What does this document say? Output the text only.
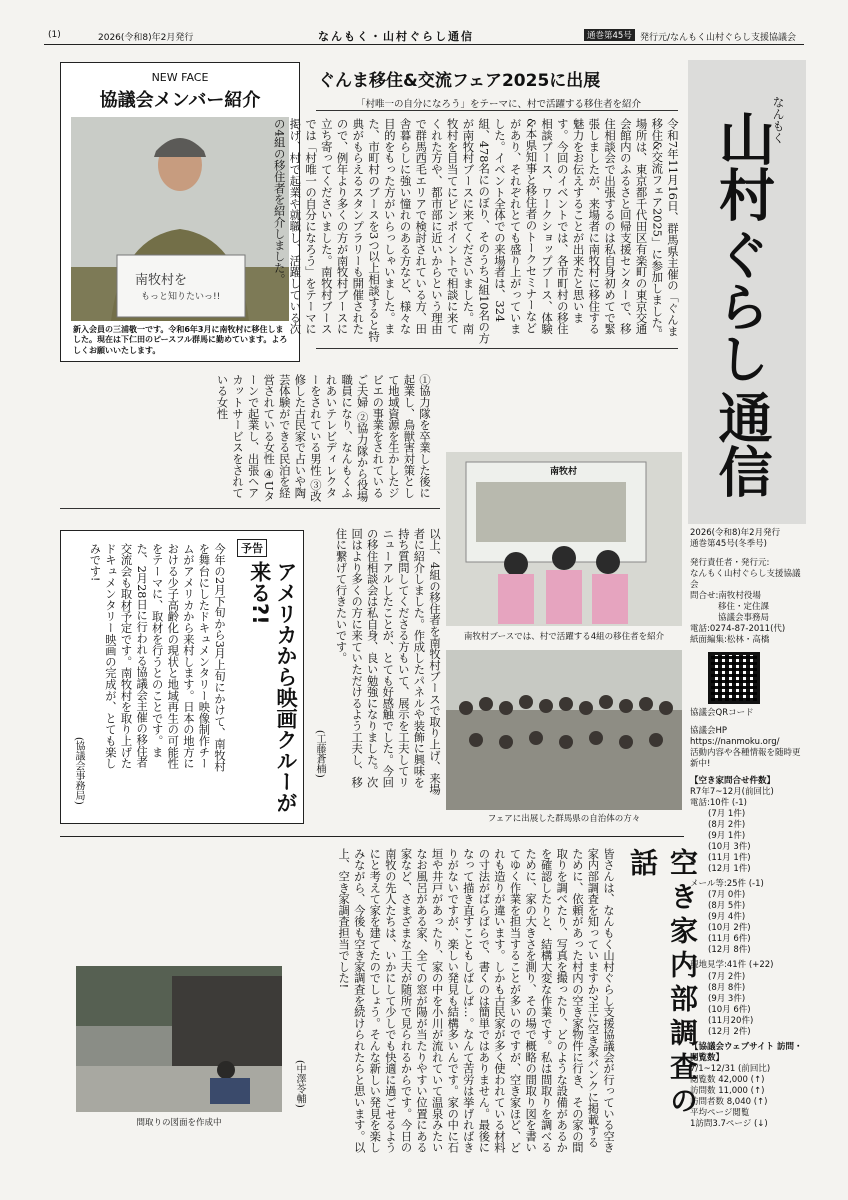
(1)	2026(令和8)年2月発行	なんもく・山村ぐらし通信	通巻第45号 発行元/なんもく山村ぐらし支援協議会
NEW FACE
協議会メンバー紹介
南牧村を
もっと知りたいっ!!
新入会員の三浦敬一です。令和6年3月に南牧村に移住しました。現在は下仁田のピースフル群馬に勤めています。よろしくお願いいたします。
ぐんま移住&交流フェア2025に出展
「村唯一の自分になろう」をテーマに、村で活躍する移住者を紹介
令和7年11月16日、群馬県主催の「ぐんま移住&交流フェア2025」に参加しました。場所は、東京都千代田区有楽町の東京交通会館内のふるさと回帰支援センターで、移住相談会で出張するのは私自身初めてで緊張しましたが、来場者に南牧村に移住する魅力をお伝えすることが出来たと思います。今回のイベントでは、各市町村の移住相談ブース、ワークショップブース、体験&本県知事と移住者のトークセミナーなどがあり、それぞれとても盛り上がっていました。イベント全体での来場者は、324組、478名にのぼり、そのうち7組10名の方が南牧村ブースに来てくださいました。南牧村を目当てにピンポイントで相談に来てくれた方や、都市部に近いからという理由で群馬西毛エリアで検討されている方、田舎暮らしに強い憧れのある方など、様々な目的をもった方がいらっしゃいました。また、市町村のブースを3つ以上相談すると特典がもらえるスタンプラリーも開催されたので、例年より多くの方が南牧村ブースに立ち寄ってくださいました。南牧村ブースでは「村唯一の自分になろう」をテーマに掲げ、村で起業や就職し、活躍している次の4組の移住者を紹介しました。
①協力隊を卒業した後に起業し、鳥獣害対策として地域資源を生かしたジビエの事業をされているご夫婦 ②協力隊から役場職員になり、なんもくふれあいテレビディレクターをされている男性 ③改修した古民家で占いや陶芸体験ができる民泊を経営されている女性 ④Uターンで起業し、出張ヘアカットサービスをされている女性
以上、4組の移住者を南牧村ブースで取り上げ、来場者に紹介しました。作成したパネルや装飾に興味を持ち質問してくださる方もいて、展示を工夫してリニューアルしたことが、とても好感触でした。今回の移住相談会は私自身、良い勉強になりました。次回はより多くの方に来ていただけるよう工夫し、移住に繋げて行きたいです。
(工藤蒼楠)
南牧村
南牧村ブースでは、村で活躍する4組の移住者を紹介
フェアに出展した群馬県の自治体の方々
なんもく
山村
ぐらし
通信
2026(令和8)年2月発行
通巻第45号(冬季号)
発行責任者・発行元:
なんもく山村ぐらし支援協議会
問合せ:南牧村役場
移住・定住課
協議会事務局
電話:0274-87-2011(代)
紙面編集:松林・高橋
協議会QRコード
協議会HP
https://nanmoku.org/
活動内容や各種情報を随時更新中!
【空き家問合せ件数】
R7年7~12月(前回比)
電話:10件 (-1)
(7月 1件)
(8月 2件)
(9月 1件)
(10月 3件)
(11月 1件)
(12月 1件)
メール等:25件 (-1)
(7月 0件)
(8月 5件)
(9月 4件)
(10月 2件)
(11月 6件)
(12月 8件)
現地見学:41件 (+22)
(7月 2件)
(8月 8件)
(9月 3件)
(10月 6件)
(11月20件)
(12月 2件)
【協議会ウェブサイト 訪問・閲覧数】
7/1~12/31 (前回比)
閲覧数 42,000 (↑)
訪問数 11,000 (↑)
訪問者数 8,040 (↑)
平均ページ閲覧
1訪問3.7ページ (↓)
予告
アメリカから映画クルーが来る?!
今年の2月下旬から3月上旬にかけて、南牧村を舞台にしたドキュメンタリー映像制作チームがアメリカから来村します。日本の地方における少子高齢化の現状と地域再生の可能性をテーマに、取材を行うとのことです。また、2月28日に行われる協議会主催の移住者交流会も取材予定です。南牧村を取り上げたドキュメンタリー映画の完成が、とても楽しみです!
(協議会事務局)
空き家内部調査の話
皆さんは、なんもく山村ぐらし支援協議会が行っている空き家内部調査を知っていますか?主に空き家バンクに掲載するために、依頼があった村内の空き家物件に行き、その家の間取りを調べたり、写真を撮ったり、どのような設備があるかを確認したりと、結構大変な作業です。私は間取りを調べるために、家の大きさを測り、その場で概略の間取り図を書いてゆく作業を担当することが多いのですが、空き家ほど、どれも造りが違います。しかも古民家が多く使われている材料の寸法がばらばらで、書くのは簡単ではありません。最後になって描き直すこともしばしば…。なんて苦労は挙げればきりがないですが、楽しい発見も結構多いんです。家の中に石垣や井戸があったり、家の中を小川が流れていて温泉みたいなお風呂がある家、全ての窓が陽が当たりやすい位置にある家など、さまざまな工夫が随所で見られるからです。今日の南牧の先人たちは、いかにして少しでも快適に過ごせるようにと考えて家を建てたのでしょう。そんな新しい発見を楽しみながら、今後も空き家調査を続けられたらと思います。以上、空き家調査担当でした!
(中澤苓輔)
間取りの図面を作成中
